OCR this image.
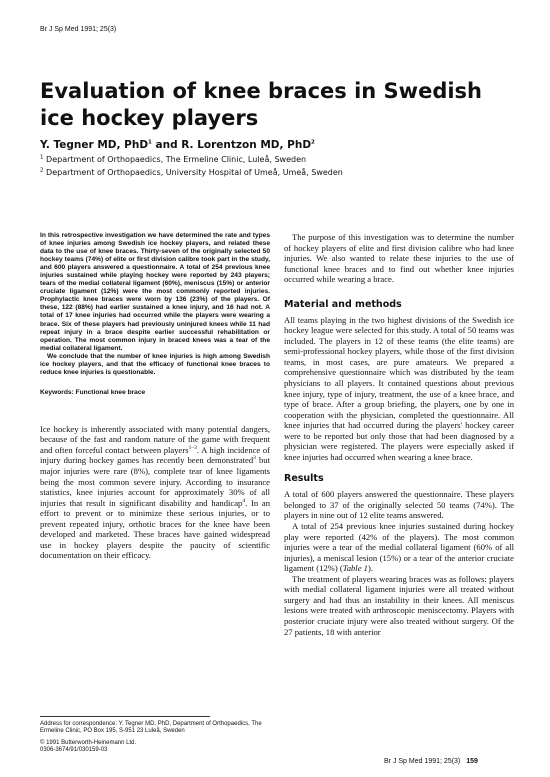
Br J Sp Med 1991; 25(3)
Evaluation of knee braces in Swedish ice hockey players
Y. Tegner MD, PhD$^1$ and R. Lorentzon MD, PhD$^2$
$^1$ Department of Orthopaedics, The Ermeline Clinic, Luleå, Sweden
$^2$ Department of Orthopaedics, University Hospital of Umeå, Umeå, Sweden

In this retrospective investigation we have determined the rate and types of knee injuries among Swedish ice hockey players, and related these data to the use of knee braces. Thirty-seven of the originally selected 50 hockey teams (74%) of elite or first division calibre took part in the study, and 600 players answered a questionnaire. A total of 254 previous knee injuries sustained while playing hockey were reported by 243 players; tears of the medial collateral ligament (60%), meniscus (15%) or anterior cruciate ligament (12%) were the most commonly reported injuries. Prophylactic knee braces were worn by 136 (23%) of the players. Of these, 122 (88%) had earlier sustained a knee injury, and 16 had not. A total of 17 knee injuries had occurred while the players were wearing a brace. Six of these players had previously uninjured knees while 11 had repeat injury in a brace despite earlier successful rehabilitation or operation. The most common injury in braced knees was a tear of the medial collateral ligament.

We conclude that the number of knee injuries is high among Swedish ice hockey players, and that the efficacy of functional knee braces to reduce knee injuries is questionable.

Keywords: Functional knee brace

Ice hockey is inherently associated with many potential dangers, because of the fast and random nature of the game with frequent and often forceful contact between players$^{1-3}$. A high incidence of injury during hockey games has recently been demonstrated$^3$ but major injuries were rare (8%), complete tear of knee ligaments being the most common severe injury. According to insurance statistics, knee injuries account for approximately 30% of all injuries that result in significant disability and handicap$^4$. In an effort to prevent or to minimize these serious injuries, or to prevent repeated injury, orthotic braces for the knee have been developed and marketed. These braces have gained widespread use in hockey players despite the paucity of scientific documentation on their efficacy.

Address for correspondence: Y. Tegner MD, PhD, Department of Orthopaedics, The Ermeline Clinic, PO Box 195, S-951 23 Luleå, Sweden
© 1991 Butterworth-Heinemann Ltd.
0306-3674/91/030159-03

The purpose of this investigation was to determine the number of hockey players of elite and first division calibre who had knee injuries. We also wanted to relate these injuries to the use of functional knee braces and to find out whether knee injuries occurred while wearing a brace.

Material and methods

All teams playing in the two highest divisions of the Swedish ice hockey league were selected for this study. A total of 50 teams was included. The players in 12 of these teams (the elite teams) are semi-professional hockey players, while those of the first division teams, in most cases, are pure amateurs. We prepared a comprehensive questionnaire which was distributed by the team physicians to all players. It contained questions about previous knee injury, type of injury, treatment, the use of a knee brace, and type of brace. After a group briefing, the players, one by one in cooperation with the physician, completed the questionnaire. All knee injuries that had occurred during the players' hockey career were to be reported but only those that had been diagnosed by a physician were registered. The players were especially asked if knee injuries had occurred when wearing a knee brace.

Results

A total of 600 players answered the questionnaire. These players belonged to 37 of the originally selected 50 teams (74%). The players in nine out of 12 elite teams answered.

A total of 254 previous knee injuries sustained during hockey play were reported (42% of the players). The most common injuries were a tear of the medial collateral ligament (60% of all injuries), a meniscal lesion (15%) or a tear of the anterior cruciate ligament (12%) (Table 1).

The treatment of players wearing braces was as follows: players with medial collateral ligament injuries were all treated without surgery and had thus an instability in their knees. All meniscus lesions were treated with arthroscopic meniscectomy. Players with posterior cruciate injury were also treated without surgery. Of the 27 patients, 18 with anterior

Br J Sp Med 1991; 25(3) 159
